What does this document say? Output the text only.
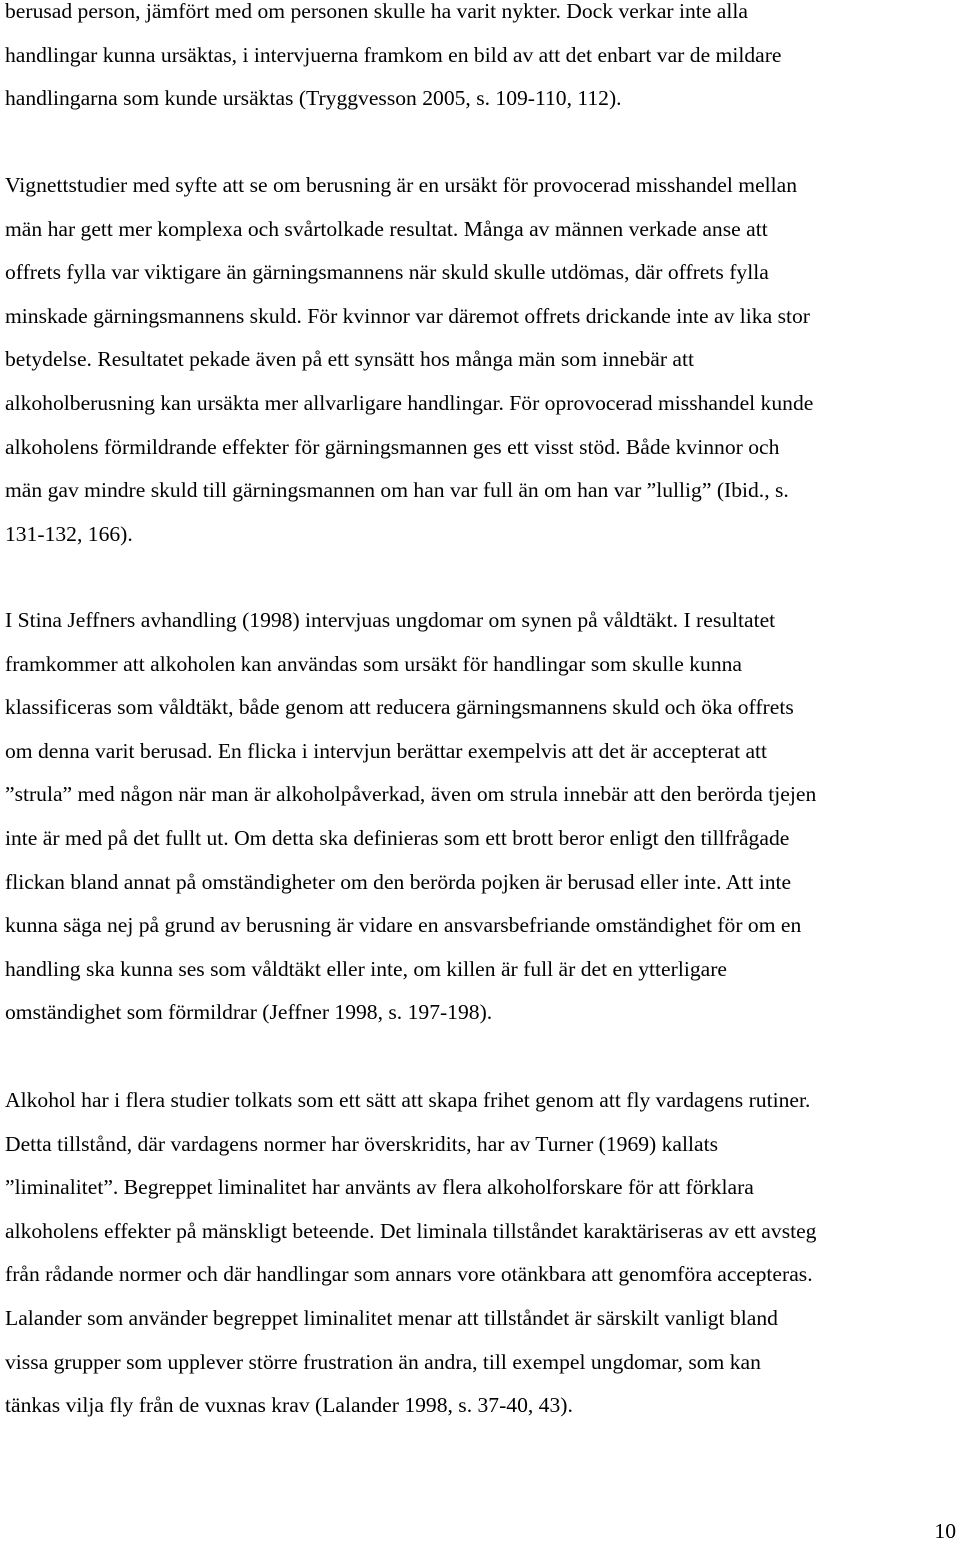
berusad person, jämfört med om personen skulle ha varit nykter. Dock verkar inte alla
handlingar kunna ursäktas, i intervjuerna framkom en bild av att det enbart var de mildare
handlingarna som kunde ursäktas (Tryggvesson 2005, s. 109-110, 112).

Vignettstudier med syfte att se om berusning är en ursäkt för provocerad misshandel mellan
män har gett mer komplexa och svårtolkade resultat. Många av männen verkade anse att
offrets fylla var viktigare än gärningsmannens när skuld skulle utdömas, där offrets fylla
minskade gärningsmannens skuld. För kvinnor var däremot offrets drickande inte av lika stor
betydelse. Resultatet pekade även på ett synsätt hos många män som innebär att
alkoholberusning kan ursäkta mer allvarligare handlingar. För oprovocerad misshandel kunde
alkoholens förmildrande effekter för gärningsmannen ges ett visst stöd. Både kvinnor och
män gav mindre skuld till gärningsmannen om han var full än om han var ”lullig” (Ibid., s.
131-132, 166).

I Stina Jeffners avhandling (1998) intervjuas ungdomar om synen på våldtäkt. I resultatet
framkommer att alkoholen kan användas som ursäkt för handlingar som skulle kunna
klassificeras som våldtäkt, både genom att reducera gärningsmannens skuld och öka offrets
om denna varit berusad. En flicka i intervjun berättar exempelvis att det är accepterat att
”strula” med någon när man är alkoholpåverkad, även om strula innebär att den berörda tjejen
inte är med på det fullt ut. Om detta ska definieras som ett brott beror enligt den tillfrågade
flickan bland annat på omständigheter om den berörda pojken är berusad eller inte. Att inte
kunna säga nej på grund av berusning är vidare en ansvarsbefriande omständighet för om en
handling ska kunna ses som våldtäkt eller inte, om killen är full är det en ytterligare
omständighet som förmildrar (Jeffner 1998, s. 197-198).

Alkohol har i flera studier tolkats som ett sätt att skapa frihet genom att fly vardagens rutiner.
Detta tillstånd, där vardagens normer har överskridits, har av Turner (1969) kallats
”liminalitet”. Begreppet liminalitet har använts av flera alkoholforskare för att förklara
alkoholens effekter på mänskligt beteende. Det liminala tillståndet karaktäriseras av ett avsteg
från rådande normer och där handlingar som annars vore otänkbara att genomföra accepteras.
Lalander som använder begreppet liminalitet menar att tillståndet är särskilt vanligt bland
vissa grupper som upplever större frustration än andra, till exempel ungdomar, som kan
tänkas vilja fly från de vuxnas krav (Lalander 1998, s. 37-40, 43).

10
